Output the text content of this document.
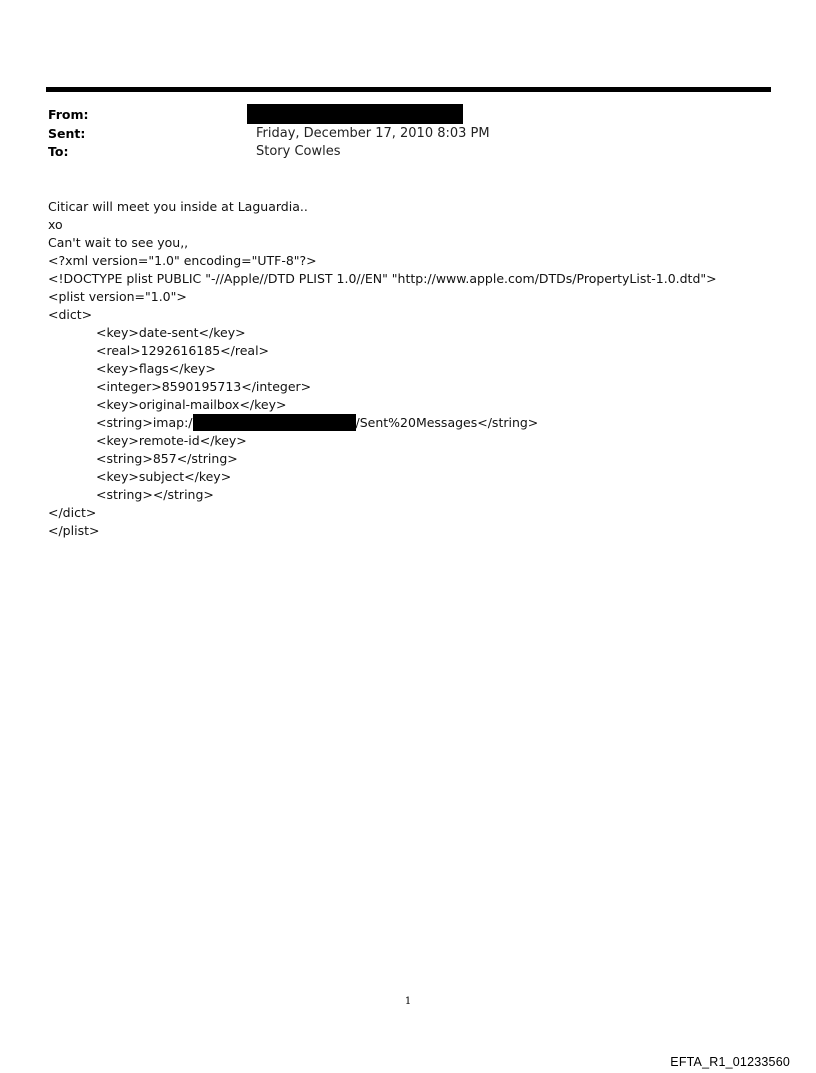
From:
Sent:	Friday, December 17, 2010 8:03 PM
To:	Story Cowles
Citicar will meet you inside at Laguardia..
xo
Can't wait to see you,,
<?xml version="1.0" encoding="UTF-8"?>
<!DOCTYPE plist PUBLIC "-//Apple//DTD PLIST 1.0//EN" "http://www.apple.com/DTDs/PropertyList-1.0.dtd">
<plist version="1.0">
<dict>
<key>date-sent</key>
<real>1292616185</real>
<key>flags</key>
<integer>8590195713</integer>
<key>original-mailbox</key>
<string>imap:/	/Sent%20Messages</string>
<key>remote-id</key>
<string>857</string>
<key>subject</key>
<string></string>
</dict>
</plist>
1
EFTA_R1_01233560
